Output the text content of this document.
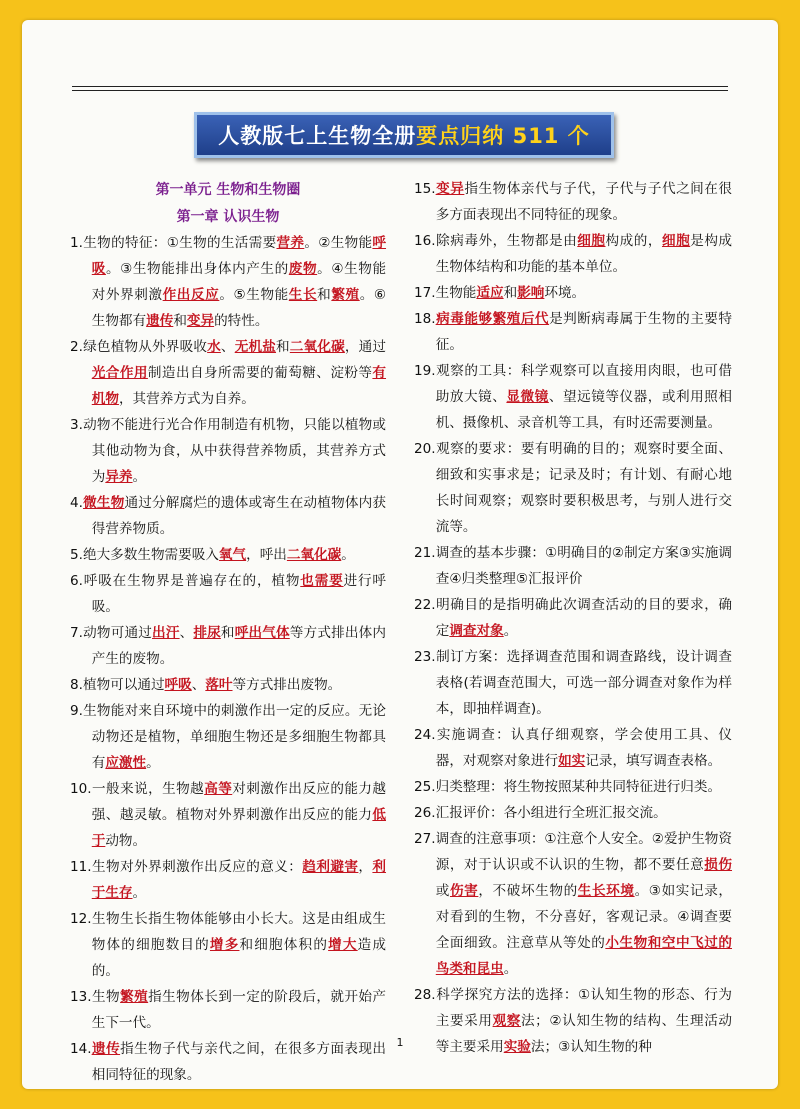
人教版七上生物全册 要点归纳 511 个
第一单元 生物和生物圈
第一章 认识生物

1.生物的特征：①生物的生活需要营养。②生物能呼吸。③生物能排出身体内产生的废物。④生物能对外界刺激作出反应。⑤生物能生长和繁殖。⑥生物都有遗传和变异的特性。

2.绿色植物从外界吸收水、无机盐和二氧化碳，通过光合作用制造出自身所需要的葡萄糖、淀粉等有机物，其营养方式为自养。

3.动物不能进行光合作用制造有机物，只能以植物或其他动物为食，从中获得营养物质，其营养方式为异养。

4.微生物通过分解腐烂的遗体或寄生在动植物体内获得营养物质。

5.绝大多数生物需要吸入氧气，呼出二氧化碳。

6.呼吸在生物界是普遍存在的，植物也需要进行呼吸。

7.动物可通过出汗、排尿和呼出气体等方式排出体内产生的废物。

8.植物可以通过呼吸、落叶等方式排出废物。

9.生物能对来自环境中的刺激作出一定的反应。无论动物还是植物，单细胞生物还是多细胞生物都具有应激性。

10.一般来说，生物越高等对刺激作出反应的能力越强、越灵敏。植物对外界刺激作出反应的能力低于动物。

11.生物对外界刺激作出反应的意义：趋利避害，利于生存。

12.生物生长指生物体能够由小长大。这是由组成生物体的细胞数目的增多和细胞体积的增大造成的。

13.生物繁殖指生物体长到一定的阶段后，就开始产生下一代。

14.遗传指生物子代与亲代之间，在很多方面表现出相同特征的现象。

15.变异指生物体亲代与子代，子代与子代之间在很多方面表现出不同特征的现象。

16.除病毒外，生物都是由细胞构成的，细胞是构成生物体结构和功能的基本单位。

17.生物能适应和影响环境。

18.病毒能够繁殖后代是判断病毒属于生物的主要特征。

19.观察的工具：科学观察可以直接用肉眼，也可借助放大镜、显微镜、望远镜等仪器，或利用照相机、摄像机、录音机等工具，有时还需要测量。

20.观察的要求：要有明确的目的；观察时要全面、细致和实事求是；记录及时；有计划、有耐心地长时间观察；观察时要积极思考，与别人进行交流等。

21.调查的基本步骤：①明确目的②制定方案③实施调查④归类整理⑤汇报评价

22.明确目的是指明确此次调查活动的目的要求，确定调查对象。

23.制订方案：选择调查范围和调查路线，设计调查表格(若调查范围大，可选一部分调查对象作为样本，即抽样调查)。

24.实施调查：认真仔细观察，学会使用工具、仪器，对观察对象进行如实记录，填写调查表格。

25.归类整理：将生物按照某种共同特征进行归类。

26.汇报评价：各小组进行全班汇报交流。

27.调查的注意事项：①注意个人安全。②爱护生物资源，对于认识或不认识的生物，都不要任意损伤或伤害，不破坏生物的生长环境。③如实记录，对看到的生物，不分喜好，客观记录。④调查要全面细致。注意草从等处的小生物和空中飞过的鸟类和昆虫。

28.科学探究方法的选择：①认知生物的形态、行为主要采用观察法；②认知生物的结构、生理活动等主要采用实验法；③认知生物的种

1
